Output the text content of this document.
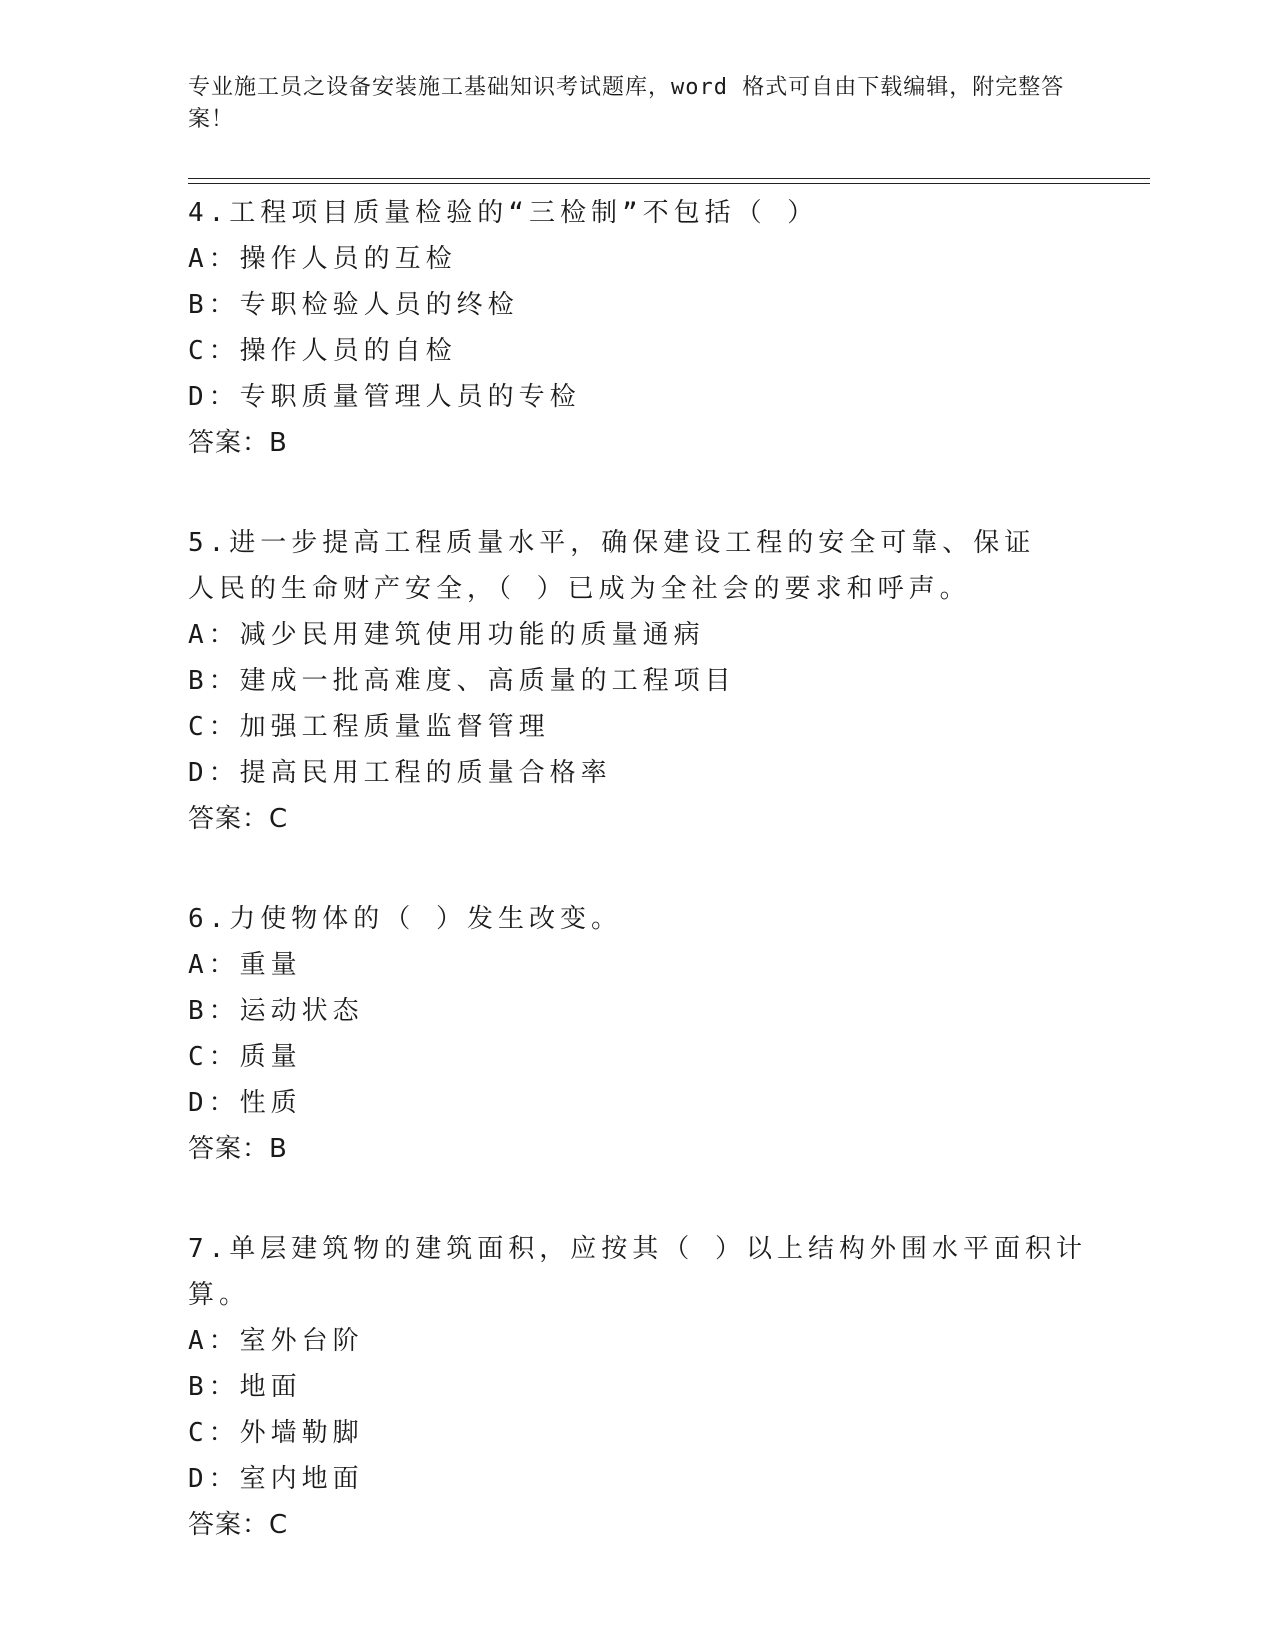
专业施工员之设备安装施工基础知识考试题库，word 格式可自由下载编辑，附完整答案！
4.工程项目质量检验的“三检制”不包括（ ）
A：操作人员的互检
B：专职检验人员的终检
C：操作人员的自检
D：专职质量管理人员的专检
答案：B
5.进一步提高工程质量水平，确保建设工程的安全可靠、保证人民的生命财产安全，（ ）已成为全社会的要求和呼声。
A：减少民用建筑使用功能的质量通病
B：建成一批高难度、高质量的工程项目
C：加强工程质量监督管理
D：提高民用工程的质量合格率
答案：C
6.力使物体的（ ）发生改变。
A：重量
B：运动状态
C：质量
D：性质
答案：B
7.单层建筑物的建筑面积，应按其（ ）以上结构外围水平面积计算。
A：室外台阶
B：地面
C：外墙勒脚
D：室内地面
答案：C
